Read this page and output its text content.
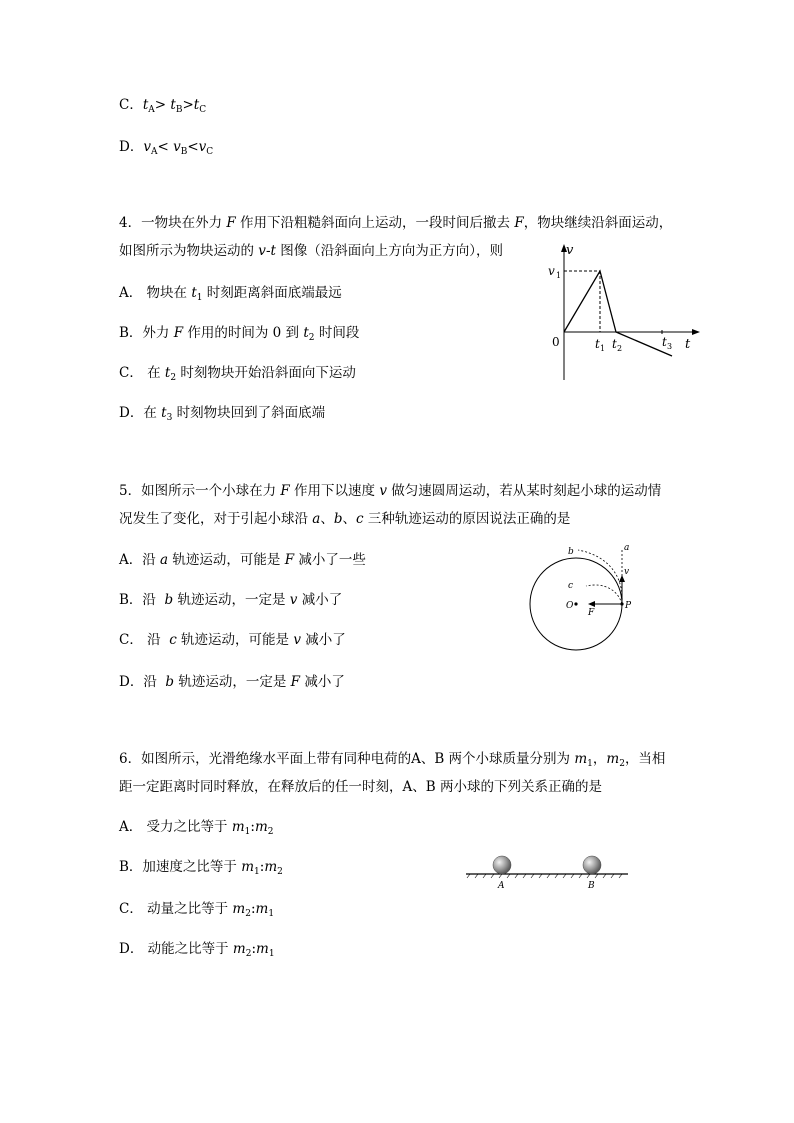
C．$t_A> t_B>t_C$
D．$v_A< v_B<v_C$
4．一物块在外力 F 作用下沿粗糙斜面向上运动，一段时间后撤去 F，物块继续沿斜面运动，
如图所示为物块运动的 v-t 图像（沿斜面向上方向为正方向），则
A． 物块在 $t_1$ 时刻距离斜面底端最远
B．外力 F 作用的时间为 0 到 $t_2$ 时间段
C． 在 $t_2$ 时刻物块开始沿斜面向下运动
D．在 $t_3$ 时刻物块回到了斜面底端
v
v 1
0	t 1 t 2	t 3 t
5．如图所示一个小球在力 F 作用下以速度 v 做匀速圆周运动，若从某时刻起小球的运动情
况发生了变化，对于引起小球沿 a、b、c 三种轨迹运动的原因说法正确的是
A．沿 a 轨迹运动，可能是 F 减小了一些
B．沿  b 轨迹运动，一定是 v 减小了
C． 沿  c 轨迹运动，可能是 v 减小了
D．沿  b 轨迹运动，一定是 F 减小了
a
b
c
v
O	P
F
6．如图所示，光滑绝缘水平面上带有同种电荷的A、B 两个小球质量分别为 $m_1$，$m_2$，当相
距一定距离时同时释放，在释放后的任一时刻，A、B 两小球的下列关系正确的是
A． 受力之比等于 $m_1:m_2$
B．加速度之比等于 $m_1:m_2$
C． 动量之比等于 $m_2:m_1$
D． 动能之比等于 $m_2:m_1$
A	B
